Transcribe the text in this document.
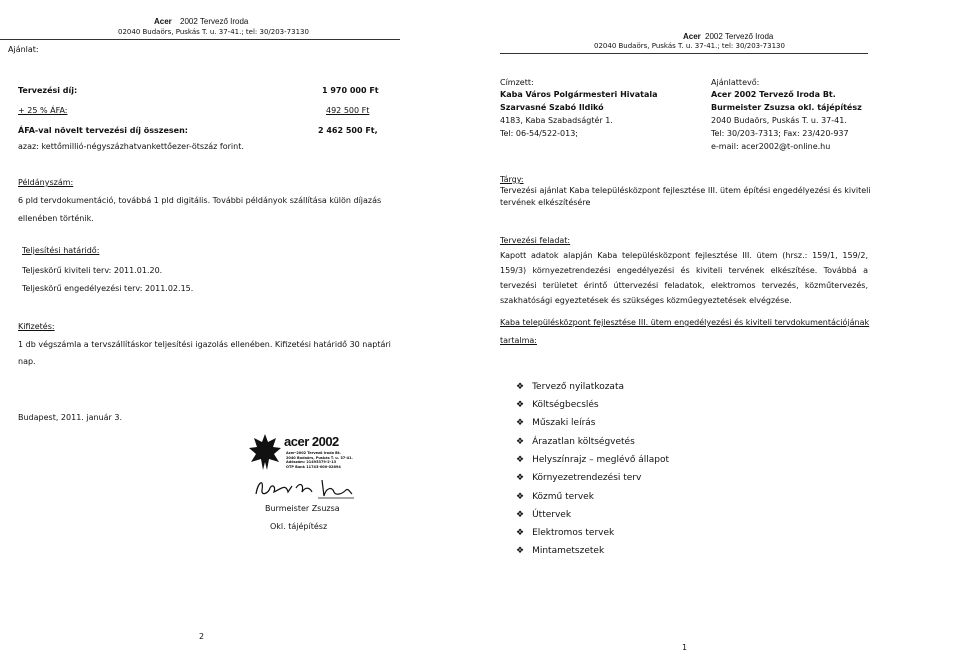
Acer 2002 Tervező Iroda
02040 Budaörs, Puskás T. u. 37-41.; tel: 30/203-73130
Ajánlat:
Tervezési díj:	1 970 000 Ft
+ 25 % ÁFA:	492 500 Ft
ÁFA-val növelt tervezési díj összesen:	2 462 500 Ft,
azaz: kettőmillió-négyszázhatvankettőezer-ötszáz forint.
Példányszám:
6 pld tervdokumentáció, továbbá 1 pld digitális. További példányok szállítása külön díjazás
ellenében történik.
Teljesítési határidő:
Teljeskörű kiviteli terv: 2011.01.20.
Teljeskörű engedélyezési terv: 2011.02.15.
Kifizetés:
1 db végszámla a tervszállításkor teljesítési igazolás ellenében. Kifizetési határidő 30 naptári
nap.
Budapest, 2011. január 3.
acer 2002
Acer-2002 Tervező Iroda Bt.
2040 Budaörs, Puskás T. u. 37-41.
Adószám: 21495379-2-13
OTP Bank 11743-000-02894
Burmeister Zsuzsa
Okl. tájépítész
2
Acer 2002 Tervező Iroda
02040 Budaörs, Puskás T. u. 37-41.; tel: 30/203-73130
Címzett:
Kaba Város Polgármesteri Hivatala
Szarvasné Szabó Ildikó
4183, Kaba Szabadságtér 1.
Tel: 06-54/522-013;
Ajánlattevő:
Acer 2002 Tervező Iroda Bt.
Burmeister Zsuzsa okl. tájépítész
2040 Budaörs, Puskás T. u. 37-41.
Tel: 30/203-7313; Fax: 23/420-937
e-mail: acer2002@t-online.hu
Tárgy:
Tervezési ajánlat Kaba településközpont fejlesztése III. ütem építési engedélyezési és kiviteli
tervének elkészítésére
Tervezési feladat:
Kapott adatok alapján Kaba településközpont fejlesztése III. ütem (hrsz.: 159/1, 159/2, 159/3) környezetrendezési engedélyezési és kiviteli tervének elkészítése. Továbbá a tervezési területet érintő úttervezési feladatok, elektromos tervezés, közműtervezés, szakhatósági egyeztetések és szükséges közműegyeztetések elvégzése.
Kaba településközpont fejlesztése III. ütem engedélyezési és kiviteli tervdokumentációjának
tartalma:
❖ Tervező nyilatkozata
❖ Költségbecslés
❖ Műszaki leírás
❖ Árazatlan költségvetés
❖ Helyszínrajz – meglévő állapot
❖ Környezetrendezési terv
❖ Közmű tervek
❖ Úttervek
❖ Elektromos tervek
❖ Mintametszetek
1
